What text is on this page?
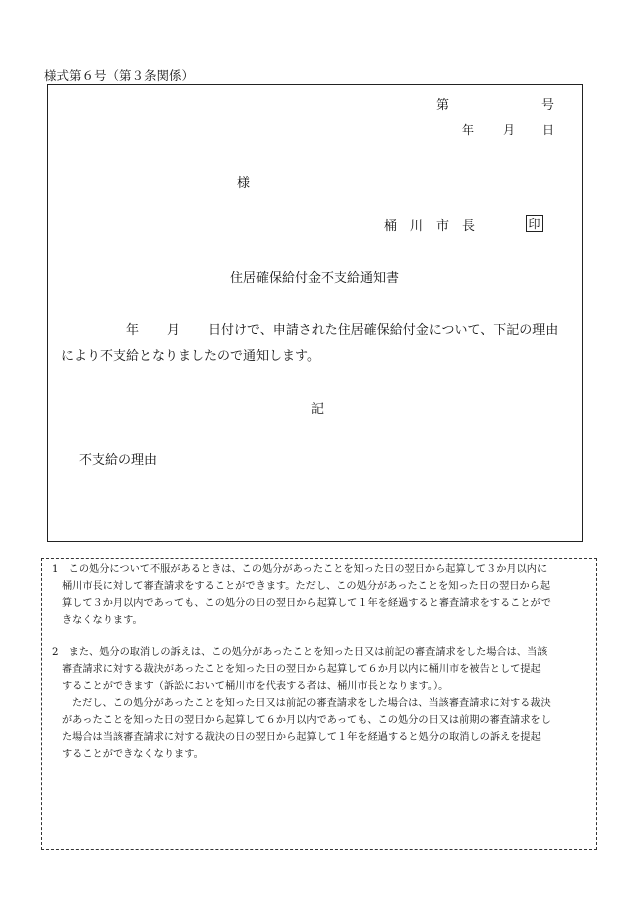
様式第６号（第３条関係）
第	号
年 月 日
様
桶 川 市 長	印
住居確保給付金不支給通知書
年 月 日付けで、申請された住居確保給付金について、下記の理由
により不支給となりましたので通知します。
記
不支給の理由
1　この処分について不服があるときは、この処分があったことを知った日の翌日から起算して３か月以内に
桶川市長に対して審査請求をすることができます。ただし、この処分があったことを知った日の翌日から起
算して３か月以内であっても、この処分の日の翌日から起算して１年を経過すると審査請求をすることがで
きなくなります。
2　また、処分の取消しの訴えは、この処分があったことを知った日又は前記の審査請求をした場合は、当該
審査請求に対する裁決があったことを知った日の翌日から起算して６か月以内に桶川市を被告として提起
することができます（訴訟において桶川市を代表する者は、桶川市長となります。）。
ただし、この処分があったことを知った日又は前記の審査請求をした場合は、当該審査請求に対する裁決
があったことを知った日の翌日から起算して６か月以内であっても、この処分の日又は前期の審査請求をし
た場合は当該審査請求に対する裁決の日の翌日から起算して１年を経過すると処分の取消しの訴えを提起
することができなくなります。
